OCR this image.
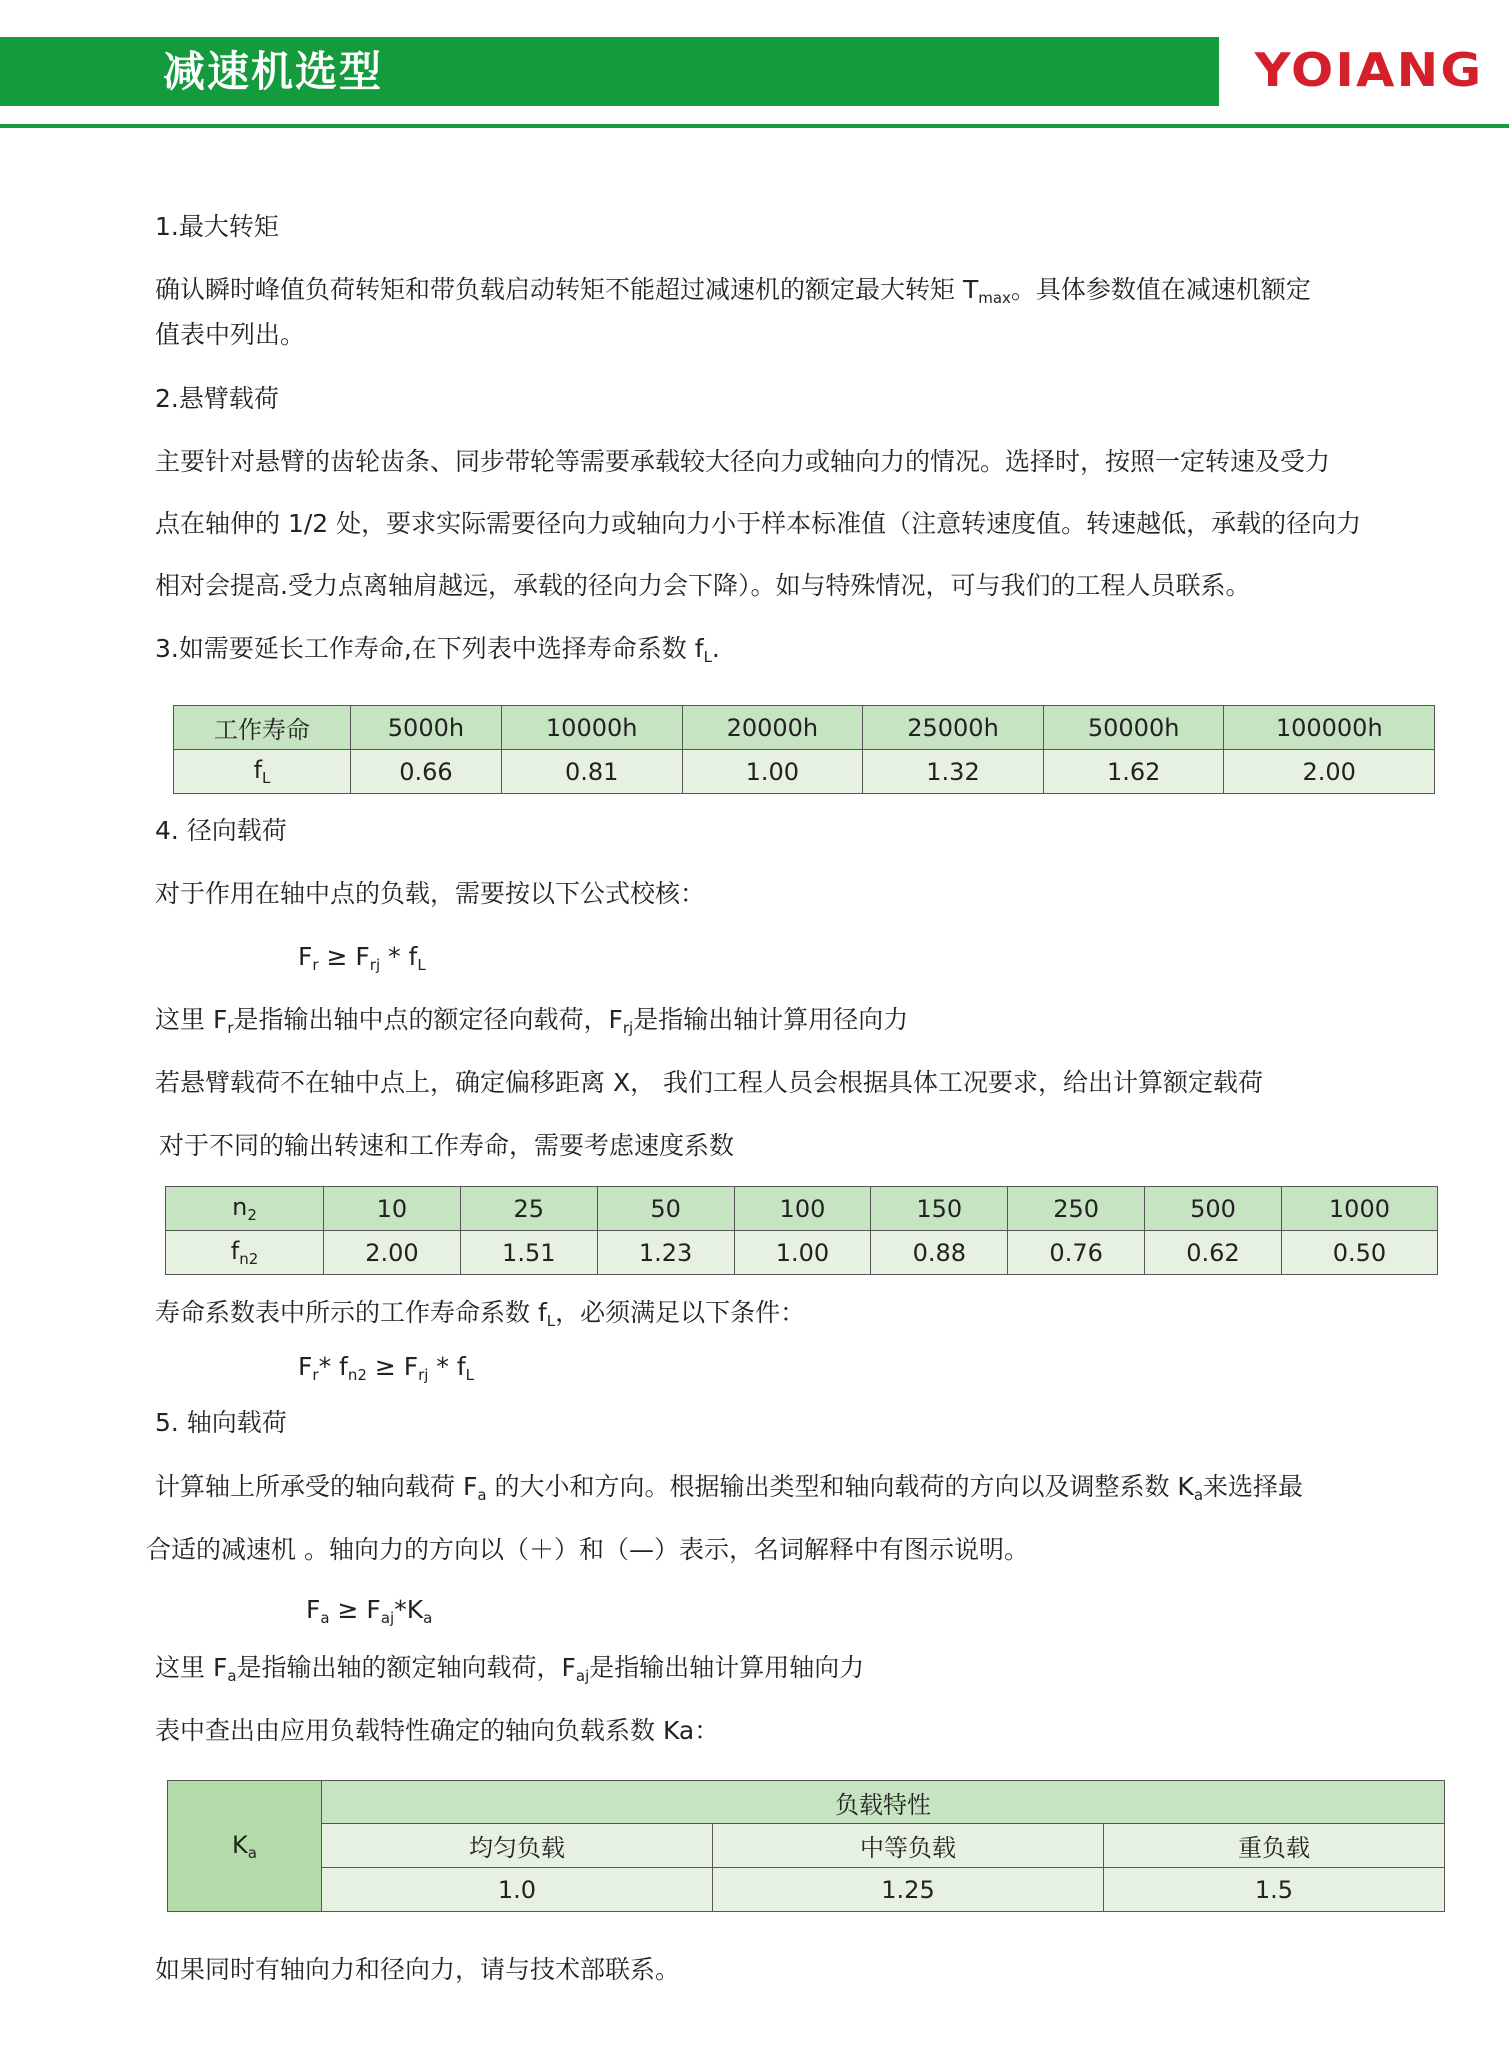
减速机选型	YOIANG
1.最大转矩
确认瞬时峰值负荷转矩和带负载启动转矩不能超过减速机的额定最大转矩 $T_{max}$。具体参数值在减速机额定
值表中列出。
2.悬臂载荷
主要针对悬臂的齿轮齿条、同步带轮等需要承载较大径向力或轴向力的情况。选择时，按照一定转速及受力
点在轴伸的 1/2 处，要求实际需要径向力或轴向力小于样本标准值（注意转速度值。转速越低，承载的径向力
相对会提高.受力点离轴肩越远，承载的径向力会下降）。如与特殊情况，可与我们的工程人员联系。
3.如需要延长工作寿命,在下列表中选择寿命系数 $f_L$.
工作寿命	5000h	10000h	20000h	25000h	50000h	100000h
$f_L$	0.66	0.81	1.00	1.32	1.62	2.00
4. 径向载荷
对于作用在轴中点的负载，需要按以下公式校核：
$F_r \ge F_{rj} * f_L$
这里 $F_r$是指输出轴中点的额定径向载荷，$F_{rj}$是指输出轴计算用径向力
若悬臂载荷不在轴中点上，确定偏移距离 X， 我们工程人员会根据具体工况要求，给出计算额定载荷
对于不同的输出转速和工作寿命，需要考虑速度系数
$n_2$	10	25	50	100	150	250	500	1000
$f_{n2}$	2.00	1.51	1.23	1.00	0.88	0.76	0.62	0.50
寿命系数表中所示的工作寿命系数 $f_L$，必须满足以下条件：
$F_r*$ $f_{n2} \ge F_{rj} * f_L$
5. 轴向载荷
计算轴上所承受的轴向载荷 $F_a$ 的大小和方向。根据输出类型和轴向载荷的方向以及调整系数 $K_a$来选择最
合适的减速机 。轴向力的方向以（＋）和（—）表示，名词解释中有图示说明。
$F_a \ge F_{aj}*K_a$
这里 $F_a$是指输出轴的额定轴向载荷，$F_{aj}$是指输出轴计算用轴向力
表中查出由应用负载特性确定的轴向负载系数 Ka：
$K_a$	负载特性		
	均匀负载	中等负载	重负载
	1.0	1.25	1.5
如果同时有轴向力和径向力，请与技术部联系。
